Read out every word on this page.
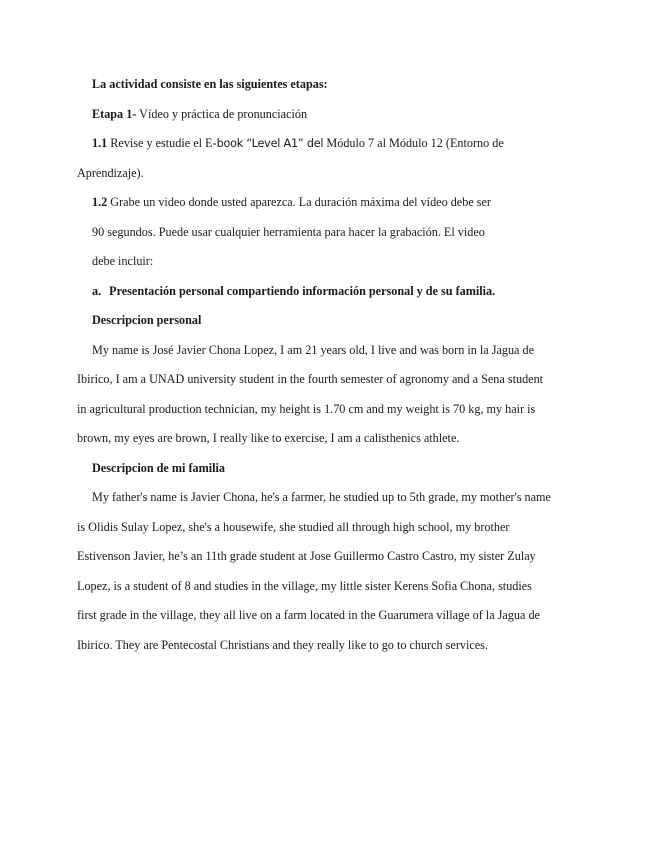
La actividad consiste en las siguientes etapas:
Etapa 1- Vídeo y práctica de pronunciación
1.1 Revise y estudie el E-book “Level A1” del Módulo 7 al Módulo 12 (Entorno de
Aprendizaje).
1.2 Grabe un video donde usted aparezca. La duración máxima del vídeo debe ser
90 segundos. Puede usar cualquier herramienta para hacer la grabación. El video
debe incluir:
a. Presentación personal compartiendo información personal y de su familia.
Descripcion personal
My name is José Javier Chona Lopez, I am 21 years old, I live and was born in la Jagua de
Ibirico, I am a UNAD university student in the fourth semester of agronomy and a Sena student
in agricultural production technician, my height is 1.70 cm and my weight is 70 kg, my hair is
brown, my eyes are brown, I really like to exercise, I am a calisthenics athlete.
Descripcion de mi familia
My father's name is Javier Chona, he's a farmer, he studied up to 5th grade, my mother's name
is Olidis Sulay Lopez, she's a housewife, she studied all through high school, my brother
Estivenson Javier, he’s an 11th grade student at Jose Guillermo Castro Castro, my sister Zulay
Lopez, is a student of 8 and studies in the village, my little sister Kerens Sofia Chona, studies
first grade in the village, they all live on a farm located in the Guarumera village of la Jagua de
Ibirico. They are Pentecostal Christians and they really like to go to church services.
